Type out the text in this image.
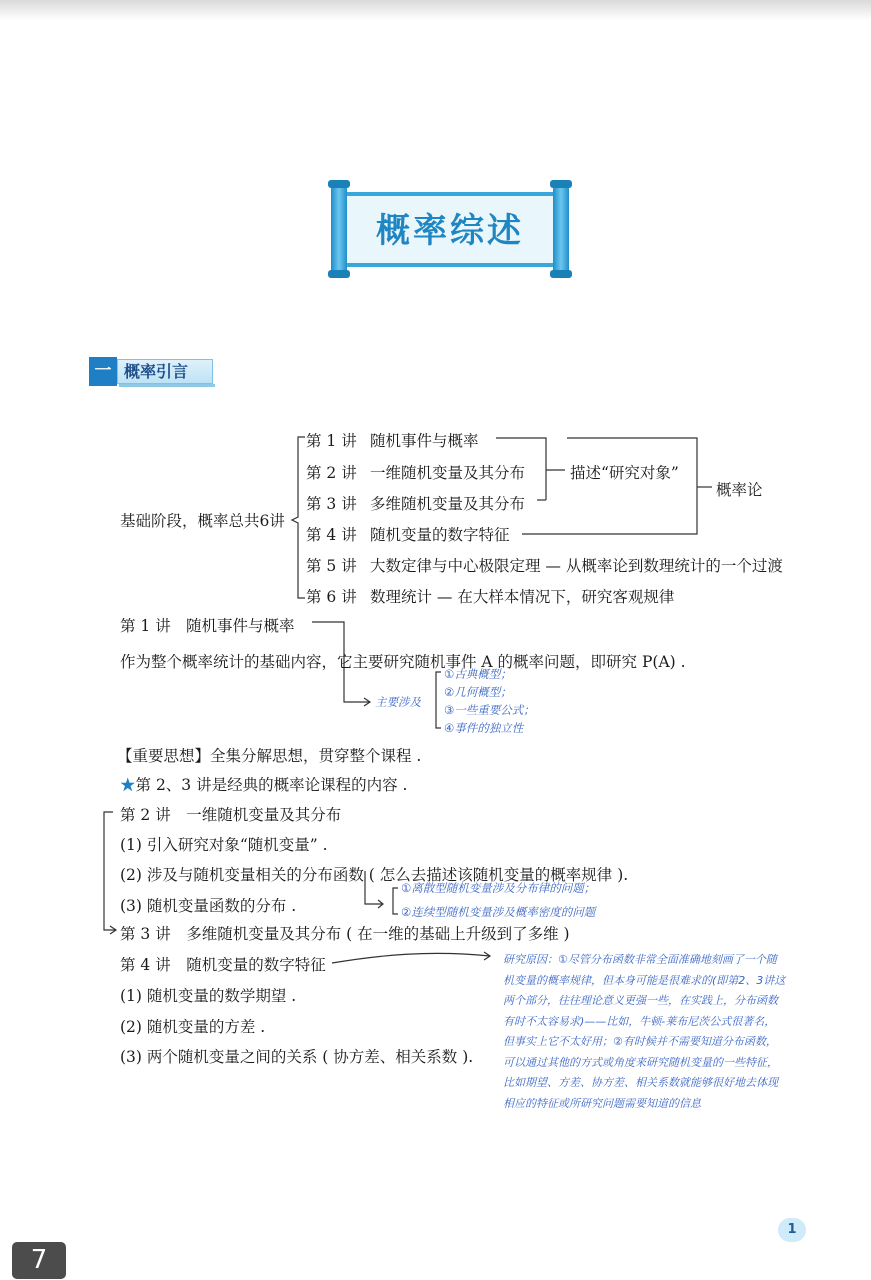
概率综述
一 概率引言
基础阶段，概率总共6讲
第 1 讲 随机事件与概率
第 2 讲 一维随机变量及其分布
第 3 讲 多维随机变量及其分布
第 4 讲 随机变量的数字特征
第 5 讲 大数定律与中心极限定理 — 从概率论到数理统计的一个过渡
第 6 讲 数理统计 — 在大样本情况下，研究客观规律
描述“研究对象”
概率论
第 1 讲 随机事件与概率
作为整个概率统计的基础内容，它主要研究随机事件 A 的概率问题，即研究 P(A) .
主要涉及
①古典概型；
②几何概型；
③一些重要公式；
④事件的独立性
【重要思想】全集分解思想，贯穿整个课程 .
★第 2、3 讲是经典的概率论课程的内容 .
第 2 讲　一维随机变量及其分布
(1) 引入研究对象“随机变量” .
(2) 涉及与随机变量相关的分布函数 ( 怎么去描述该随机变量的概率规律 ).
(3) 随机变量函数的分布 .
①离散型随机变量涉及分布律的问题；
②连续型随机变量涉及概率密度的问题
第 3 讲　多维随机变量及其分布 ( 在一维的基础上升级到了多维 )
第 4 讲　随机变量的数字特征
(1) 随机变量的数学期望 .
(2) 随机变量的方差 .
(3) 两个随机变量之间的关系 ( 协方差、相关系数 ).
研究原因：①尽管分布函数非常全面准确地刻画了一个随机变量的概率规律，但本身可能是很难求的(即第2、3讲这两个部分，往往理论意义更强一些，在实践上，分布函数有时不太容易求)——比如，牛顿-莱布尼茨公式很著名，但事实上它不太好用；②有时候并不需要知道分布函数，可以通过其他的方式或角度来研究随机变量的一些特征，比如期望、方差、协方差、相关系数就能够很好地去体现相应的特征或所研究问题需要知道的信息
1
7
